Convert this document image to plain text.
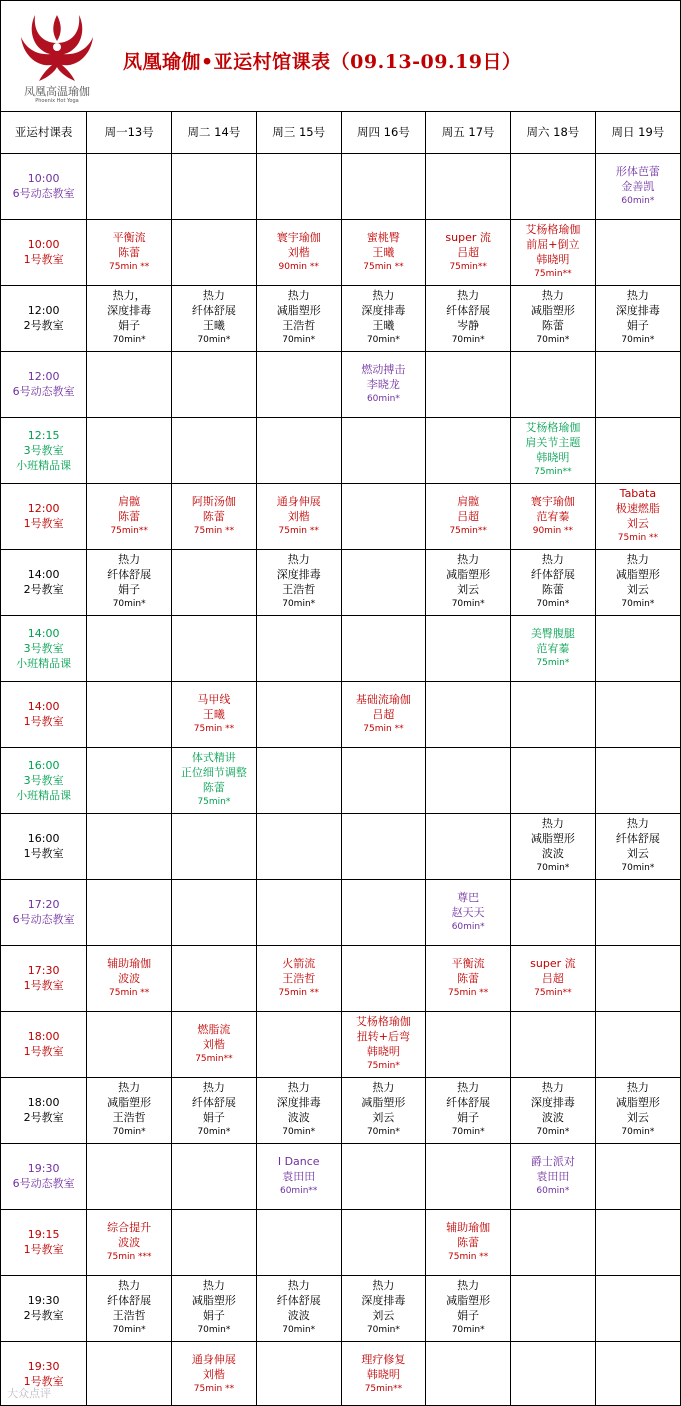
凤凰高温瑜伽
Phoenix Hot Yoga
凤凰瑜伽•亚运村馆课表（09.13-09.19日）
亚运村课表	周一13号	周二 14号	周三 15号	周四 16号	周五 17号	周六 18号	周日 19号

10:00
6号动态教室							形体芭蕾
金善凯
60min*

10:00
1号教室	平衡流
陈蕾
75min **		寰宇瑜伽
刘楷
90min **	蜜桃臀
王曦
75min **	super 流
吕超
75min**	艾杨格瑜伽
前屈+倒立
韩晓明
75min**	

12:00
2号教室	热力，
深度排毒
娟子
70min*	热力
纤体舒展
王曦
70min*	热力
减脂塑形
王浩哲
70min*	热力
深度排毒
王曦
70min*	热力
纤体舒展
岑静
70min*	热力
减脂塑形
陈蕾
70min*	热力
深度排毒
娟子
70min*

12:00
6号动态教室				燃动搏击
李晓龙
60min*			

12:15
3号教室
小班精品课						艾杨格瑜伽
肩关节主题
韩晓明
75min**	

12:00
1号教室	肩髋
陈蕾
75min**	阿斯汤伽
陈蕾
75min **	通身伸展
刘楷
75min **		肩髋
吕超
75min**	寰宇瑜伽
范宥蓁
90min **	Tabata
极速燃脂
刘云
75min **

14:00
2号教室	热力
纤体舒展
娟子
70min*		热力
深度排毒
王浩哲
70min*		热力
减脂塑形
刘云
70min*	热力
纤体舒展
陈蕾
70min*	热力
减脂塑形
刘云
70min*

14:00
3号教室
小班精品课						美臀腹腿
范宥蓁
75min*	

14:00
1号教室		马甲线
王曦
75min **		基础流瑜伽
吕超
75min **			

16:00
3号教室
小班精品课		体式精讲
正位细节调整
陈蕾
75min*					

16:00
1号教室						热力
减脂塑形
波波
70min*	热力
纤体舒展
刘云
70min*

17:20
6号动态教室					尊巴
赵天天
60min*		

17:30
1号教室	辅助瑜伽
波波
75min **		火箭流
王浩哲
75min **		平衡流
陈蕾
75min **	super 流
吕超
75min**	

18:00
1号教室		燃脂流
刘楷
75min**		艾杨格瑜伽
扭转+后弯
韩晓明
75min*			

18:00
2号教室	热力
减脂塑形
王浩哲
70min*	热力
纤体舒展
娟子
70min*	热力
深度排毒
波波
70min*	热力
减脂塑形
刘云
70min*	热力
纤体舒展
娟子
70min*	热力
深度排毒
波波
70min*	热力
减脂塑形
刘云
70min*

19:30
6号动态教室			I Dance
袁田田
60min**			爵士派对
袁田田
60min*	

19:15
1号教室	综合提升
波波
75min ***				辅助瑜伽
陈蕾
75min **		

19:30
2号教室	热力
纤体舒展
王浩哲
70min*	热力
减脂塑形
娟子
70min*	热力
纤体舒展
波波
70min*	热力
深度排毒
刘云
70min*	热力
减脂塑形
娟子
70min*		

19:30
1号教室		通身伸展
刘楷
75min **		理疗修复
韩晓明
75min**			

大众点评
